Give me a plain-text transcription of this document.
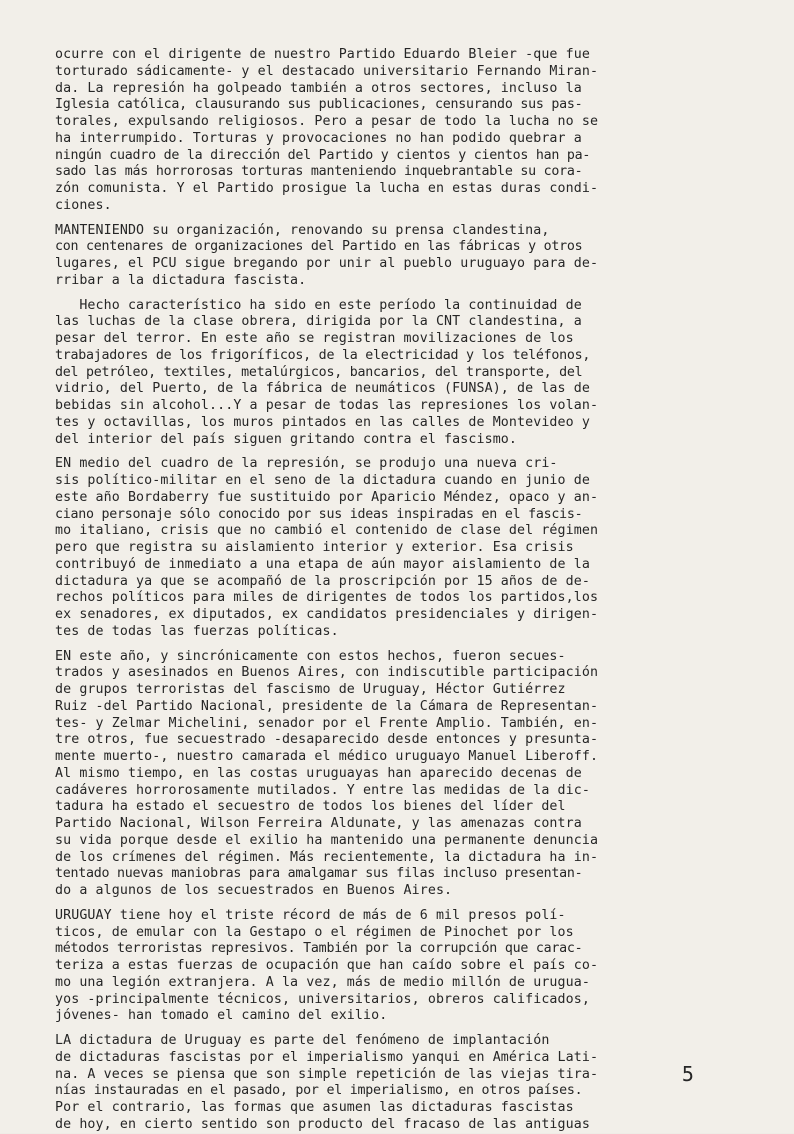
ocurre con el dirigente de nuestro Partido Eduardo Bleier -que fue
torturado sádicamente- y el destacado universitario Fernando Miran-
da. La represión ha golpeado también a otros sectores, incluso la
Iglesia católica, clausurando sus publicaciones, censurando sus pas-
torales, expulsando religiosos. Pero a pesar de todo la lucha no se
ha interrumpido. Torturas y provocaciones no han podido quebrar a
ningún cuadro de la dirección del Partido y cientos y cientos han pa-
sado las más horrorosas torturas manteniendo inquebrantable su cora-
zón comunista. Y el Partido prosigue la lucha en estas duras condi-
ciones.
MANTENIENDO su organización, renovando su prensa clandestina,
con centenares de organizaciones del Partido en las fábricas y otros
lugares, el PCU sigue bregando por unir al pueblo uruguayo para de-
rribar a la dictadura fascista.
Hecho característico ha sido en este período la continuidad de
las luchas de la clase obrera, dirigida por la CNT clandestina, a
pesar del terror. En este año se registran movilizaciones de los
trabajadores de los frigoríficos, de la electricidad y los teléfonos,
del petróleo, textiles, metalúrgicos, bancarios, del transporte, del
vidrio, del Puerto, de la fábrica de neumáticos (FUNSA), de las de
bebidas sin alcohol...Y a pesar de todas las represiones los volan-
tes y octavillas, los muros pintados en las calles de Montevideo y
del interior del país siguen gritando contra el fascismo.
EN medio del cuadro de la represión, se produjo una nueva cri-
sis político-militar en el seno de la dictadura cuando en junio de
este año Bordaberry fue sustituido por Aparicio Méndez, opaco y an-
ciano personaje sólo conocido por sus ideas inspiradas en el fascis-
mo italiano, crisis que no cambió el contenido de clase del régimen
pero que registra su aislamiento interior y exterior. Esa crisis
contribuyó de inmediato a una etapa de aún mayor aislamiento de la
dictadura ya que se acompañó de la proscripción por 15 años de de-
rechos políticos para miles de dirigentes de todos los partidos,los
ex senadores, ex diputados, ex candidatos presidenciales y dirigen-
tes de todas las fuerzas políticas.
EN este año, y sincrónicamente con estos hechos, fueron secues-
trados y asesinados en Buenos Aires, con indiscutible participación
de grupos terroristas del fascismo de Uruguay, Héctor Gutiérrez
Ruiz -del Partido Nacional, presidente de la Cámara de Representan-
tes- y Zelmar Michelini, senador por el Frente Amplio. También, en-
tre otros, fue secuestrado -desaparecido desde entonces y presunta-
mente muerto-, nuestro camarada el médico uruguayo Manuel Liberoff.
Al mismo tiempo, en las costas uruguayas han aparecido decenas de
cadáveres horrorosamente mutilados. Y entre las medidas de la dic-
tadura ha estado el secuestro de todos los bienes del líder del
Partido Nacional, Wilson Ferreira Aldunate, y las amenazas contra
su vida porque desde el exilio ha mantenido una permanente denuncia
de los crímenes del régimen. Más recientemente, la dictadura ha in-
tentado nuevas maniobras para amalgamar sus filas incluso presentan-
do a algunos de los secuestrados en Buenos Aires.
URUGUAY tiene hoy el triste récord de más de 6 mil presos polí-
ticos, de emular con la Gestapo o el régimen de Pinochet por los
métodos terroristas represivos. También por la corrupción que carac-
teriza a estas fuerzas de ocupación que han caído sobre el país co-
mo una legión extranjera. A la vez, más de medio millón de urugua-
yos -principalmente técnicos, universitarios, obreros calificados,
jóvenes- han tomado el camino del exilio.
LA dictadura de Uruguay es parte del fenómeno de implantación
de dictaduras fascistas por el imperialismo yanqui en América Lati-
na. A veces se piensa que son simple repetición de las viejas tira-
nías instauradas en el pasado, por el imperialismo, en otros países.
Por el contrario, las formas que asumen las dictaduras fascistas
de hoy, en cierto sentido son producto del fracaso de las antiguas
5
